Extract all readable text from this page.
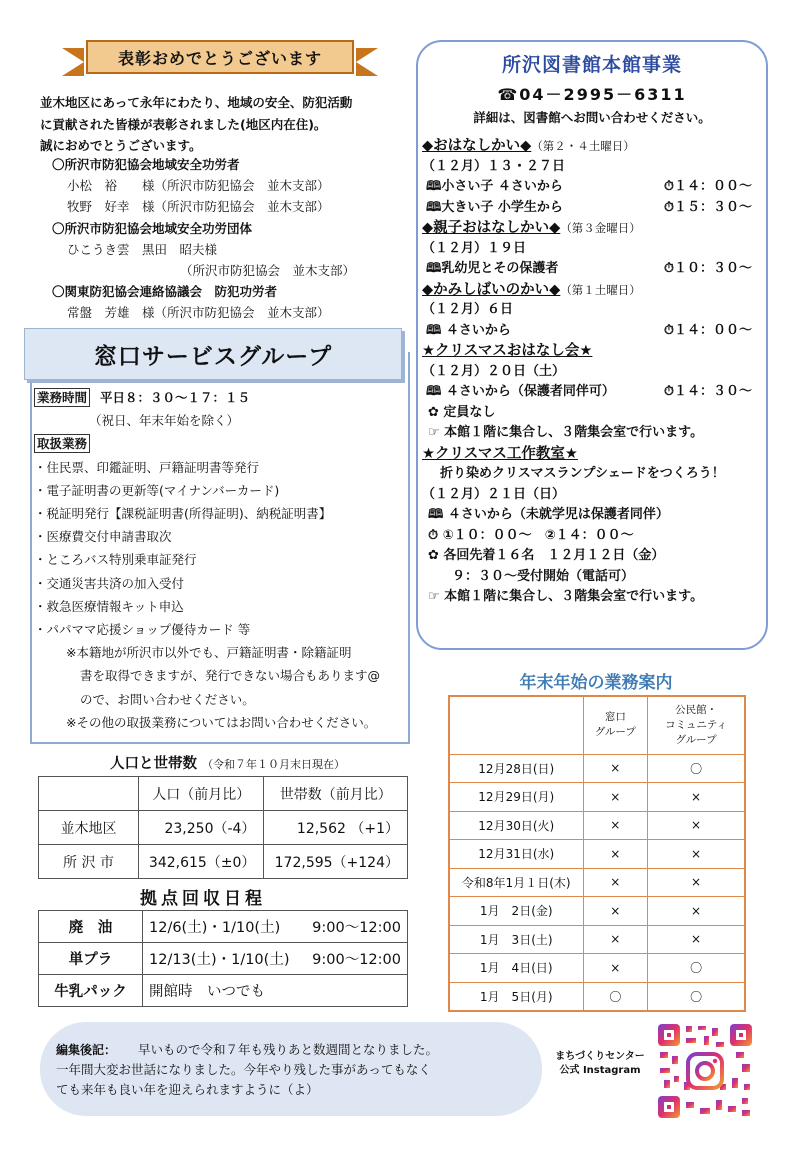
表彰おめでとうございます
並木地区にあって永年にわたり、地域の安全、防犯活動
に貢献された皆様が表彰されました(地区内在住)。
誠におめでとうございます。
〇所沢市防犯協会地域安全功労者
小松　裕　　様（所沢市防犯協会　並木支部）
牧野　好幸　様（所沢市防犯協会　並木支部）
〇所沢市防犯協会地域安全功労団体
ひこうき雲　黒田　昭夫様
（所沢市防犯協会　並木支部）
〇関東防犯協会連絡協議会　防犯功労者
常盤　芳雄　様（所沢市防犯協会　並木支部）
窓口サービスグループ
業務時間 平日８：３０～１７：１５
（祝日、年末年始を除く）
取扱業務
・住民票、印鑑証明、戸籍証明書等発行
・電子証明書の更新等(マイナンバーカード)
・税証明発行【課税証明書(所得証明)、納税証明書】
・医療費交付申請書取次
・ところバス特別乗車証発行
・交通災害共済の加入受付
・救急医療情報キット申込
・パパママ応援ショップ優待カード 等
※本籍地が所沢市以外でも、戸籍証明書・除籍証明
書を取得できますが、発行できない場合もあります@
ので、お問い合わせください。
※その他の取扱業務についてはお問い合わせください。
人口と世帯数 （令和７年１０月末日現在）
	人口（前月比）	世帯数（前月比）
並木地区	23,250（-4）	12,562 （+1）
所 沢 市	342,615（±0）	172,595（+124）
拠点回収日程
廃　油	12/6(土)・1/10(土)	9:00～12:00
単プラ	12/13(土)・1/10(土)	9:00～12:00
牛乳パック	開館時　いつでも	
所沢図書館本館事業
☎04－2995－6311
詳細は、図書館へお問い合わせください。
◆おはなしかい◆（第２・４土曜日）
（１２月）１３・２７日
🕮小さい子 ４さいから	⏱１４：００～
🕮大きい子 小学生から	⏱１５：３０～
◆親子おはなしかい◆（第３金曜日）
（１２月）１９日
🕮乳幼児とその保護者	⏱１０：３０～
◆かみしばいのかい◆（第１土曜日）
（１２月）６日
🕮 ４さいから	⏱１４：００～
★クリスマスおはなし会★
（１２月）２０日（土）
🕮 ４さいから（保護者同伴可）	⏱１４：３０～
✿ 定員なし
☞ 本館１階に集合し、３階集会室で行います。
★クリスマス工作教室★
折り染めクリスマスランプシェードをつくろう！
（１２月）２１日（日）
🕮 ４さいから（未就学児は保護者同伴）
⏱ ①１０：００～　②１４：００～
✿ 各回先着１６名　１２月１２日（金）
９：３０～受付開始（電話可）
☞ 本館１階に集合し、３階集会室で行います。
年末年始の業務案内
	窓口
グループ	公民館・
コミュニティ
グループ
12月28日(日)	×	〇
12月29日(月)	×	×
12月30日(火)	×	×
12月31日(水)	×	×
令和8年1月１日(木)	×	×
1月　2日(金)	×	×
1月　3日(土)	×	×
1月　4日(日)	×	〇
1月　5日(月)	〇	〇
編集後記： 早いもので令和７年も残りあと数週間となりました。
一年間大変お世話になりました。今年やり残した事があってもなく
ても来年も良い年を迎えられますように（よ）
まちづくりセンター
公式 Instagram
